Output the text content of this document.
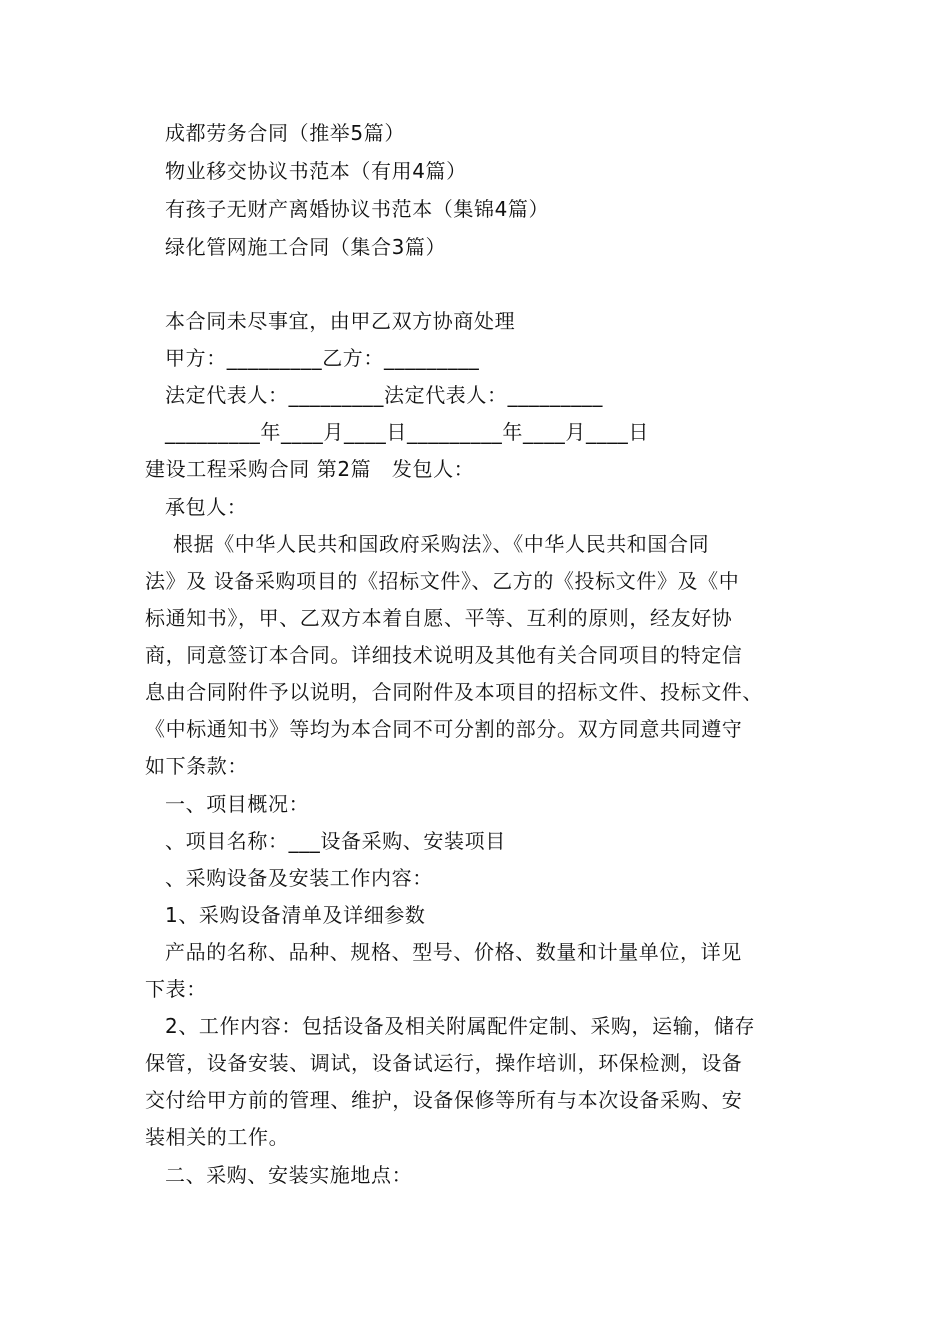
成都劳务合同（推举5篇）
物业移交协议书范本（有用4篇）
有孩子无财产离婚协议书范本（集锦4篇）
绿化管网施工合同（集合3篇）
本合同未尽事宜，由甲乙双方协商处理
甲方：_________乙方：_________
法定代表人：_________法定代表人：_________
_________年____月____日_________年____月____日
建设工程采购合同 第2篇　发包人：
承包人：
根据《中华人民共和国政府采购法》、《中华人民共和国合同
法》及 设备采购项目的《招标文件》、乙方的《投标文件》及《中
标通知书》，甲、乙双方本着自愿、平等、互利的原则，经友好协
商，同意签订本合同。详细技术说明及其他有关合同项目的特定信
息由合同附件予以说明，合同附件及本项目的招标文件、投标文件、
《中标通知书》等均为本合同不可分割的部分。双方同意共同遵守
如下条款：
一、项目概况：
、项目名称：___设备采购、安装项目
、采购设备及安装工作内容：
1、采购设备清单及详细参数
产品的名称、品种、规格、型号、价格、数量和计量单位，详见
下表：
2、工作内容：包括设备及相关附属配件定制、采购，运输，储存
保管，设备安装、调试，设备试运行，操作培训，环保检测，设备
交付给甲方前的管理、维护，设备保修等所有与本次设备采购、安
装相关的工作。
二、采购、安装实施地点：
